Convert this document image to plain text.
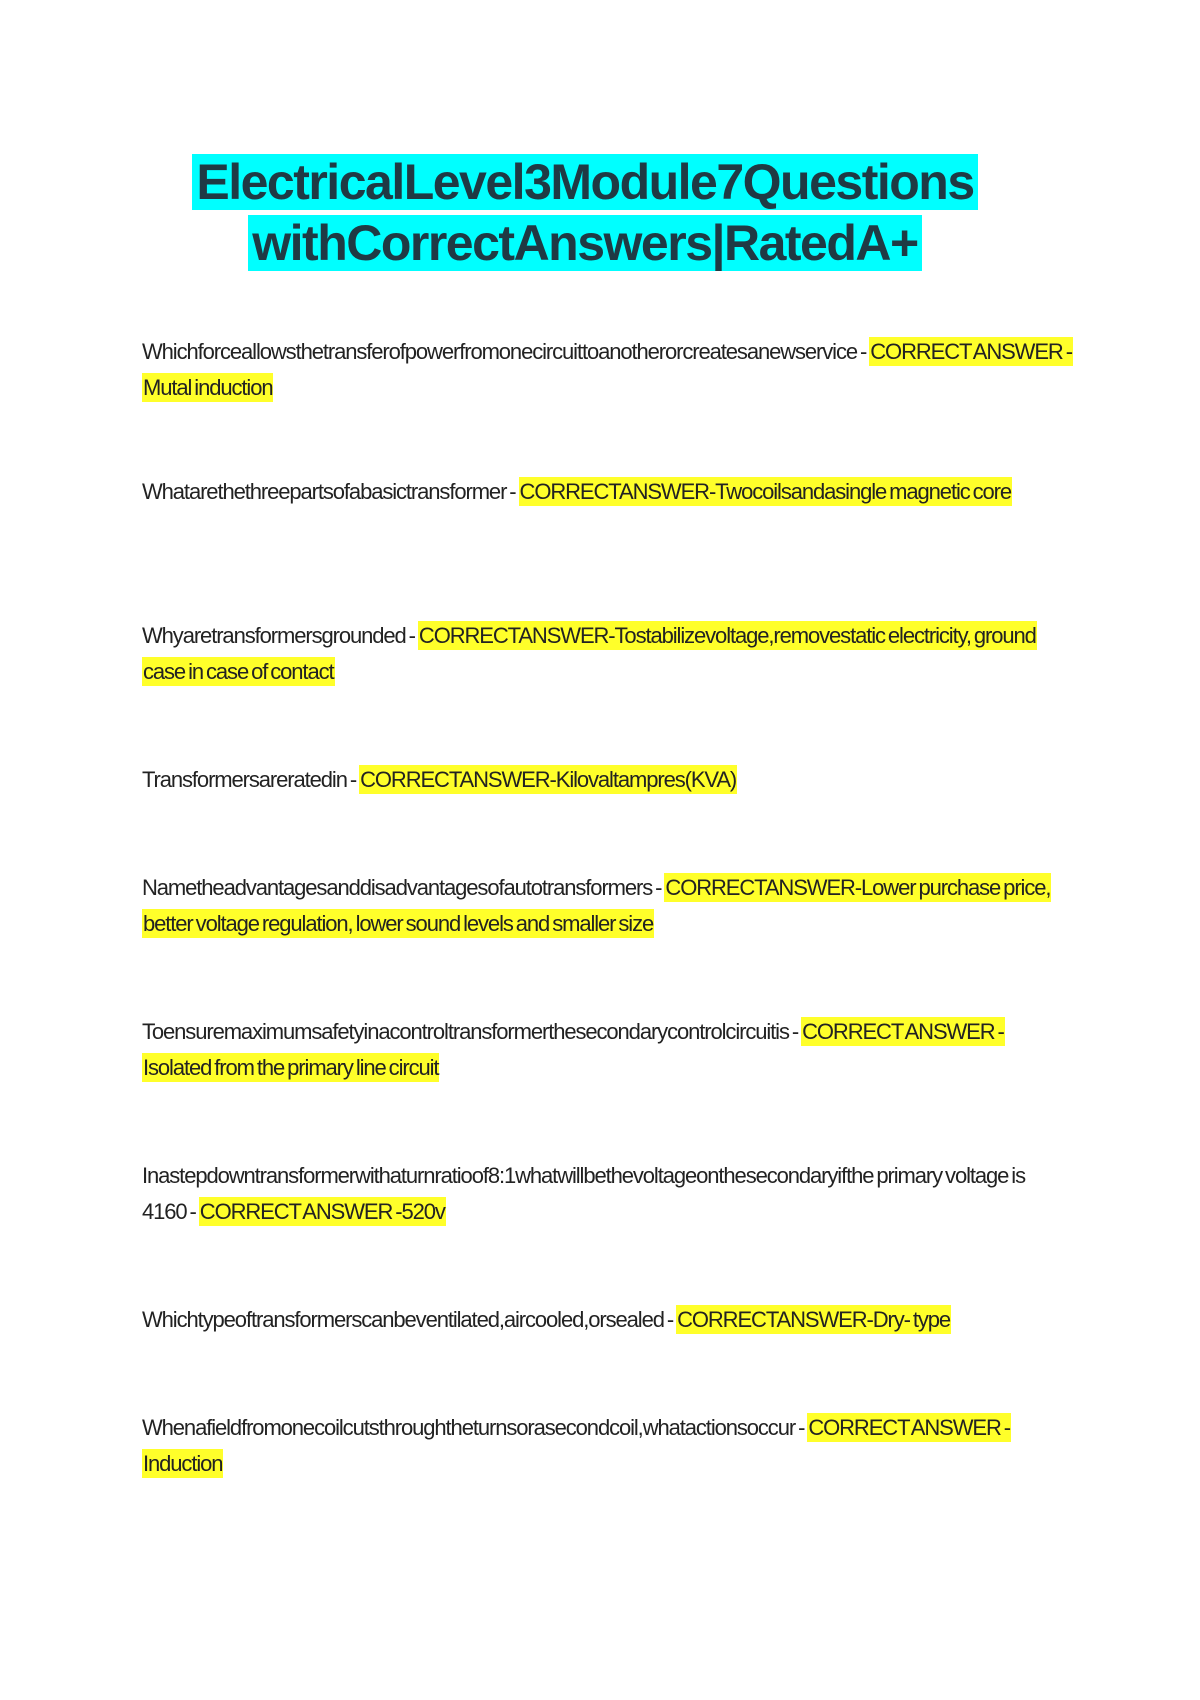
ElectricalLevel3Module7Questions
withCorrectAnswers|RatedA+
Whichforceallowsthetransferofpowerfromonecircuittoanotherorcreatesanewservice - CORRECT ANSWER -Mutal induction
Whatarethethreepartsofabasictransformer - CORRECTANSWER-Twocoilsandasingle magnetic core
Whyaretransformersgrounded - CORRECTANSWER-Tostabilizevoltage,removestatic electricity, ground case in case of contact
Transformersareratedin - CORRECTANSWER-Kilovaltampres(KVA)
Nametheadvantagesanddisadvantagesofautotransformers - CORRECTANSWER-Lower purchase price, better voltage regulation, lower sound levels and smaller size
Toensuremaximumsafetyinacontroltransformerthesecondarycontrolcircuitis - CORRECT ANSWER -Isolated from the primary line circuit
Inastepdowntransformerwithaturnratioof8:1whatwillbethevoltageonthesecondaryifthe primary voltage is 4160 - CORRECT ANSWER -520v
Whichtypeoftransformerscanbeventilated,aircooled,orsealed - CORRECTANSWER-Dry- type
Whenafieldfromonecoilcutsthroughtheturnsorasecondcoil,whatactionsoccur - CORRECT ANSWER -Induction
